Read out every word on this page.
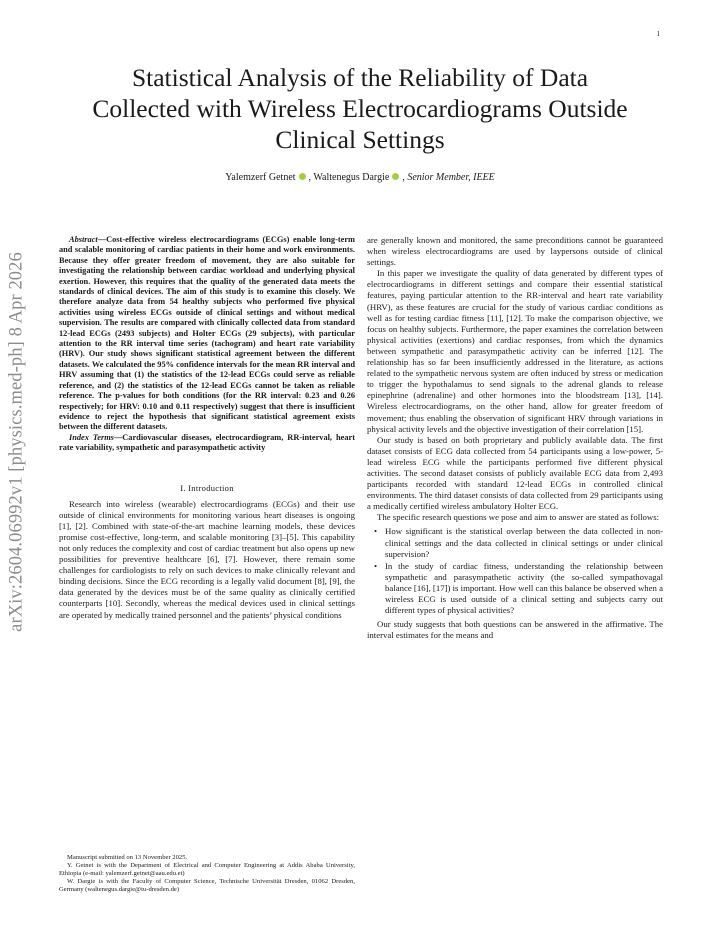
1
arXiv:2604.06992v1 [physics.med-ph] 8 Apr 2026
Statistical Analysis of the Reliability of Data
Collected with Wireless Electrocardiograms Outside
Clinical Settings
Yalemzerf Getnet , Waltenegus Dargie , Senior Member, IEEE

Abstract—Cost-effective wireless electrocardiograms (ECGs) enable long-term and scalable monitoring of cardiac patients in their home and work environments. Because they offer greater freedom of movement, they are also suitable for investigating the relationship between cardiac workload and underlying physical exertion. However, this requires that the quality of the generated data meets the standards of clinical devices. The aim of this study is to examine this closely. We therefore analyze data from 54 healthy subjects who performed five physical activities using wireless ECGs outside of clinical settings and without medical supervision. The results are compared with clinically collected data from standard 12-lead ECGs (2493 subjects) and Holter ECGs (29 subjects), with particular attention to the RR interval time series (tachogram) and heart rate variability (HRV). Our study shows significant statistical agreement between the different datasets. We calculated the 95% confidence intervals for the mean RR interval and HRV assuming that (1) the statistics of the 12-lead ECGs could serve as reliable reference, and (2) the statistics of the 12-lead ECGs cannot be taken as reliable reference. The p-values for both conditions (for the RR interval: 0.23 and 0.26 respectively; for HRV: 0.10 and 0.11 respectively) suggest that there is insufficient evidence to reject the hypothesis that significant statistical agreement exists between the different datasets.

Index Terms—Cardiovascular diseases, electrocardiogram, RR-interval, heart rate variability, sympathetic and parasympathetic activity

I. Introduction

Research into wireless (wearable) electrocardiograms (ECGs) and their use outside of clinical environments for monitoring various heart diseases is ongoing [1], [2]. Combined with state-of-the-art machine learning models, these devices promise cost-effective, long-term, and scalable monitoring [3]–[5]. This capability not only reduces the complexity and cost of cardiac treatment but also opens up new possibilities for preventive healthcare [6], [7]. However, there remain some challenges for cardiologists to rely on such devices to make clinically relevant and binding decisions. Since the ECG recording is a legally valid document [8], [9], the data generated by the devices must be of the same quality as clinically certified counterparts [10]. Secondly, whereas the medical devices used in clinical settings are operated by medically trained personnel and the patients’ physical conditions

are generally known and monitored, the same preconditions cannot be guaranteed when wireless electrocardiograms are used by laypersons outside of clinical settings.

In this paper we investigate the quality of data generated by different types of electrocardiograms in different settings and compare their essential statistical features, paying particular attention to the RR-interval and heart rate variability (HRV), as these features are crucial for the study of various cardiac conditions as well as for testing cardiac fitness [11], [12]. To make the comparison objective, we focus on healthy subjects. Furthermore, the paper examines the correlation between physical activities (exertions) and cardiac responses, from which the dynamics between sympathetic and parasympathetic activity can be inferred [12]. The relationship has so far been insufficiently addressed in the literature, as actions related to the sympathetic nervous system are often induced by stress or medication to trigger the hypothalamus to send signals to the adrenal glands to release epinephrine (adrenaline) and other hormones into the bloodstream [13], [14]. Wireless electrocardiograms, on the other hand, allow for greater freedom of movement; thus enabling the observation of significant HRV through variations in physical activity levels and the objective investigation of their correlation [15].

Our study is based on both proprietary and publicly available data. The first dataset consists of ECG data collected from 54 participants using a low-power, 5-lead wireless ECG while the participants performed five different physical activities. The second dataset consists of publicly available ECG data from 2,493 participants recorded with standard 12-lead ECGs in controlled clinical environments. The third dataset consists of data collected from 29 participants using a medically certified wireless ambulatory Holter ECG.

The specific research questions we pose and aim to answer are stated as follows:

• How significant is the statistical overlap between the data collected in non-clinical settings and the data collected in clinical settings or under clinical supervision?
• In the study of cardiac fitness, understanding the relationship between sympathetic and parasympathetic activity (the so-called sympathovagal balance [16], [17]) is important. How well can this balance be observed when a wireless ECG is used outside of a clinical setting and subjects carry out different types of physical activities?

Our study suggests that both questions can be answered in the affirmative. The interval estimates for the means and

Manuscript submitted on 13 November 2025.

Y. Getnet is with the Department of Electrical and Computer Engineering at Addis Ababa University, Ethiopia (e-mail: yalemzerf.getnet@aau.edu.et)

W. Dargie is with the Faculty of Computer Science, Technische Universität Dresden, 01062 Dresden, Germany (waltenegus.dargie@tu-dresden.de)
